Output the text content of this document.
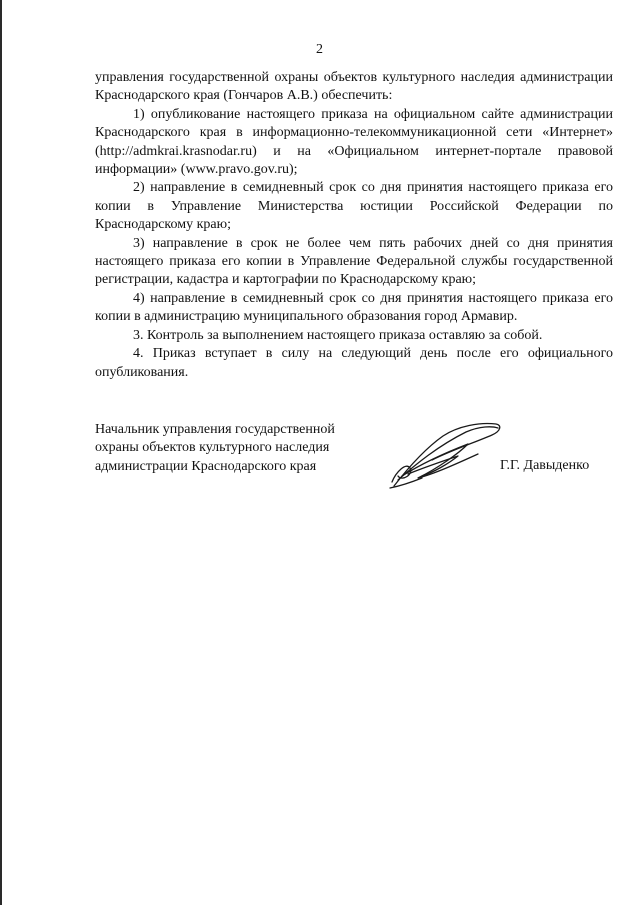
2

управления государственной охраны объектов культурного наследия администрации Краснодарского края (Гончаров А.В.) обеспечить:

1) опубликование настоящего приказа на официальном сайте администрации Краснодарского края в информационно-телекоммуникационной сети «Интернет» (http://admkrai.krasnodar.ru) и на «Официальном интернет-портале правовой информации» (www.pravo.gov.ru);

2) направление в семидневный срок со дня принятия настоящего приказа его копии в Управление Министерства юстиции Российской Федерации по Краснодарскому краю;

3) направление в срок не более чем пять рабочих дней со дня принятия настоящего приказа его копии в Управление Федеральной службы государственной регистрации, кадастра и картографии по Краснодарскому краю;

4) направление в семидневный срок со дня принятия настоящего приказа его копии в администрацию муниципального образования город Армавир.

3. Контроль за выполнением настоящего приказа оставляю за собой.

4. Приказ вступает в силу на следующий день после его официального опубликования.

Начальник управления государственной
охраны объектов культурного наследия
администрации Краснодарского края	Г.Г. Давыденко
